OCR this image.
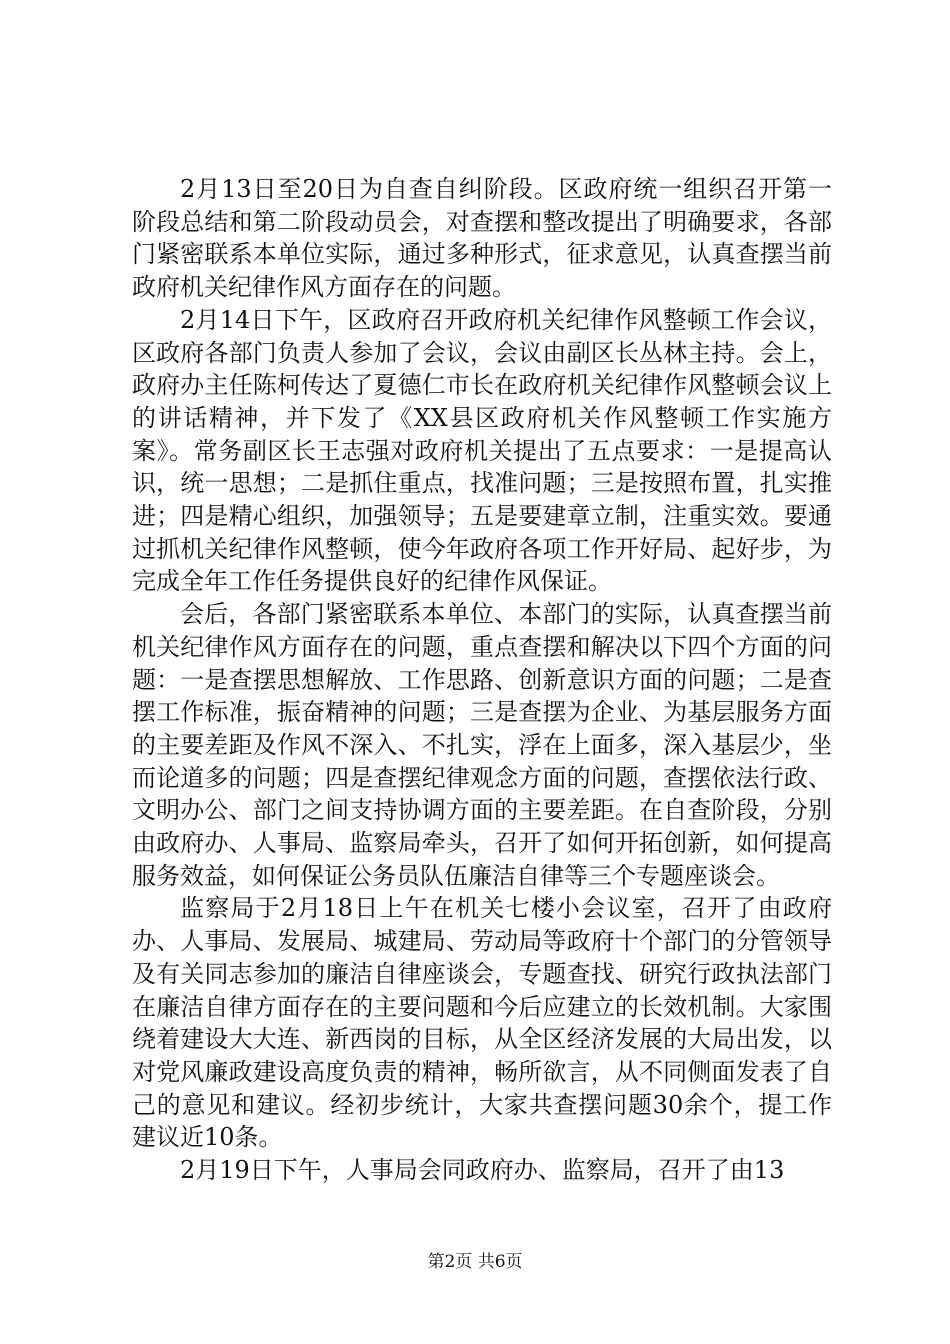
2月13日至20日为自查自纠阶段。区政府统一组织召开第一阶段总结和第二阶段动员会，对查摆和整改提出了明确要求，各部门紧密联系本单位实际，通过多种形式，征求意见，认真查摆当前政府机关纪律作风方面存在的问题。

2月14日下午，区政府召开政府机关纪律作风整顿工作会议，区政府各部门负责人参加了会议，会议由副区长丛林主持。会上，政府办主任陈柯传达了夏德仁市长在政府机关纪律作风整顿会议上的讲话精神，并下发了《XX县区政府机关作风整顿工作实施方案》。常务副区长王志强对政府机关提出了五点要求：一是提高认识，统一思想；二是抓住重点，找准问题；三是按照布置，扎实推进；四是精心组织，加强领导；五是要建章立制，注重实效。要通过抓机关纪律作风整顿，使今年政府各项工作开好局、起好步，为完成全年工作任务提供良好的纪律作风保证。

会后，各部门紧密联系本单位、本部门的实际，认真查摆当前机关纪律作风方面存在的问题，重点查摆和解决以下四个方面的问题：一是查摆思想解放、工作思路、创新意识方面的问题；二是查摆工作标准，振奋精神的问题；三是查摆为企业、为基层服务方面的主要差距及作风不深入、不扎实，浮在上面多，深入基层少，坐而论道多的问题；四是查摆纪律观念方面的问题，查摆依法行政、文明办公、部门之间支持协调方面的主要差距。在自查阶段，分别由政府办、人事局、监察局牵头，召开了如何开拓创新，如何提高服务效益，如何保证公务员队伍廉洁自律等三个专题座谈会。

监察局于2月18日上午在机关七楼小会议室，召开了由政府办、人事局、发展局、城建局、劳动局等政府十个部门的分管领导及有关同志参加的廉洁自律座谈会，专题查找、研究行政执法部门在廉洁自律方面存在的主要问题和今后应建立的长效机制。大家围绕着建设大大连、新西岗的目标，从全区经济发展的大局出发，以对党风廉政建设高度负责的精神，畅所欲言，从不同侧面发表了自己的意见和建议。经初步统计，大家共查摆问题30余个，提工作建议近10条。

2月19日下午，人事局会同政府办、监察局，召开了由13

第2页 共6页
